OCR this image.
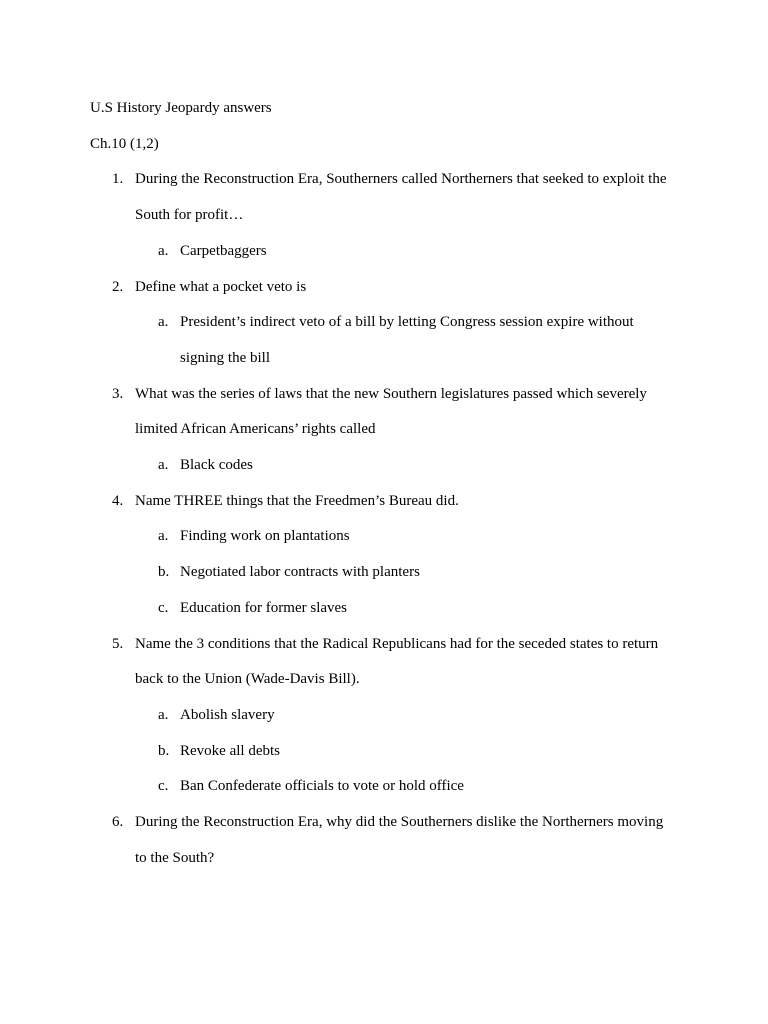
U.S History Jeopardy answers

Ch.10 (1,2)

1. During the Reconstruction Era, Southerners called Northerners that seeked to exploit the
South for profit…
a. Carpetbaggers
2. Define what a pocket veto is
a. President’s indirect veto of a bill by letting Congress session expire without
signing the bill
3. What was the series of laws that the new Southern legislatures passed which severely
limited African Americans’ rights called
a. Black codes
4. Name THREE things that the Freedmen’s Bureau did.
a. Finding work on plantations
b. Negotiated labor contracts with planters
c. Education for former slaves
5. Name the 3 conditions that the Radical Republicans had for the seceded states to return
back to the Union (Wade-Davis Bill).
a. Abolish slavery
b. Revoke all debts
c. Ban Confederate officials to vote or hold office
6. During the Reconstruction Era, why did the Southerners dislike the Northerners moving
to the South?
